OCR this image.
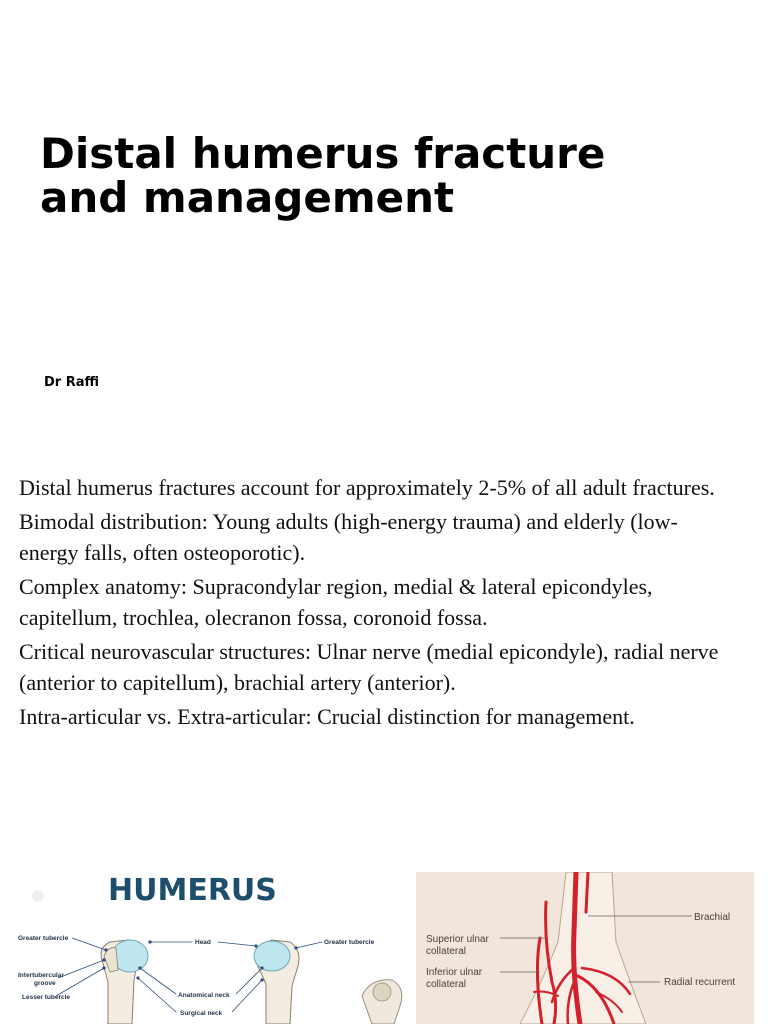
Distal humerus fracture
and management
Dr Raffi
Distal humerus fractures account for approximately 2-5% of all adult fractures.
Bimodal distribution: Young adults (high-energy trauma) and elderly (low-energy falls, often osteoporotic).
Complex anatomy: Supracondylar region, medial & lateral epicondyles, capitellum, trochlea, olecranon fossa, coronoid fossa.
Critical neurovascular structures: Ulnar nerve (medial epicondyle), radial nerve (anterior to capitellum), brachial artery (anterior).
Intra-articular vs. Extra-articular: Crucial distinction for management.
HUMERUS
Greater tubercle
Intertubercular
groove
Lesser tubercle
Head
Anatomical neck
Surgical neck
Greater tubercle
Brachial
Superior ulnar
collateral
Inferior ulnar
collateral	Radial recurrent
